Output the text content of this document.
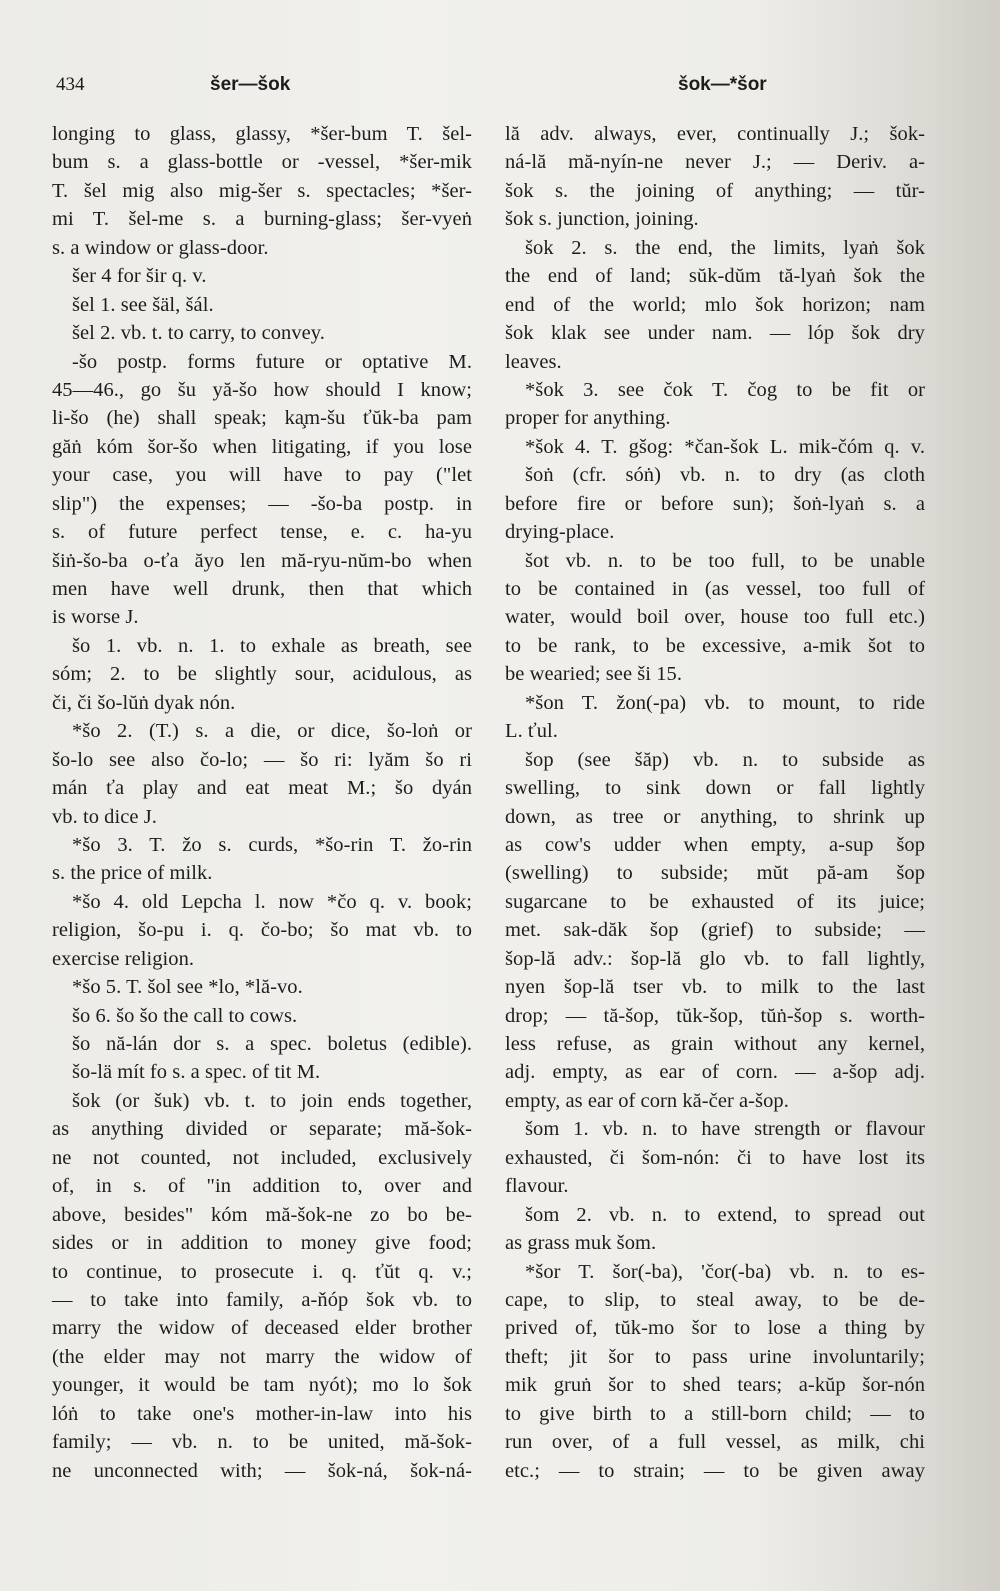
434	šer—šok	šok—*šor
longing to glass, glassy, *šer-bum T. šel-
bum s. a glass-bottle or -vessel, *šer-mik
T. šel mig also mig-šer s. spectacles; *šer-
mi T. šel-me s. a burning-glass; šer-vyeṅ
s. a window or glass-door.
šer 4 for šir q. v.
šel 1. see šäl, šál.
šel 2. vb. t. to carry, to convey.
-šo postp. forms future or optative M.
45—46., go šu yă-šo how should I know;
li-šo (he) shall speak; ka̧m-šu ťŭk-ba pam
găṅ kóm šor-šo when litigating, if you lose
your case, you will have to pay ("let
slip") the expenses; — -šo-ba postp. in
s. of future perfect tense, e. c. ha-yu
šiṅ-šo-ba o-ťa ăyo len mă-ryu-nŭm-bo when
men have well drunk, then that which
is worse J.
šo 1. vb. n. 1. to exhale as breath, see
sóm; 2. to be slightly sour, acidulous, as
či, či šo-lŭṅ dyak nón.
*šo 2. (T.) s. a die, or dice, šo-loṅ or
šo-lo see also čo-lo; — šo ri: lyăm šo ri
mán ťa play and eat meat M.; šo dyán
vb. to dice J.
*šo 3. T. žo s. curds, *šo-rin T. žo-rin
s. the price of milk.
*šo 4. old Lepcha l. now *čo q. v. book;
religion, šo-pu i. q. čo-bo; šo mat vb. to
exercise religion.
*šo 5. T. šol see *lo, *lă-vo.
šo 6. šo šo the call to cows.
šo nă-lán dor s. a spec. boletus (edible).
šo-lä mít fo s. a spec. of tit M.
šok (or šuk) vb. t. to join ends together,
as anything divided or separate; mă-šok-
ne not counted, not included, exclusively
of, in s. of "in addition to, over and
above, besides" kóm mă-šok-ne zo bo be-
sides or in addition to money give food;
to continue, to prosecute i. q. ťŭt q. v.;
— to take into family, a-ňóp šok vb. to
marry the widow of deceased elder brother
(the elder may not marry the widow of
younger, it would be tam nyót); mo lo šok
lóṅ to take one's mother-in-law into his
family; — vb. n. to be united, mă-šok-
ne unconnected with; — šok-ná, šok-ná-
lă adv. always, ever, continually J.; šok-
ná-lă mă-nyín-ne never J.; — Deriv. a-
šok s. the joining of anything; — tŭr-
šok s. junction, joining.
šok 2. s. the end, the limits, lyaṅ šok
the end of land; sŭk-dŭm tă-lyaṅ šok the
end of the world; mlo šok horizon; nam
šok klak see under nam. — lóp šok dry
leaves.
*šok 3. see čok T. čog to be fit or
proper for anything.
*šok 4. T. gšog: *čan-šok L. mik-čóm q. v.
šoṅ (cfr. sóṅ) vb. n. to dry (as cloth
before fire or before sun); šoṅ-lyaṅ s. a
drying-place.
šot vb. n. to be too full, to be unable
to be contained in (as vessel, too full of
water, would boil over, house too full etc.)
to be rank, to be excessive, a-mik šot to
be wearied; see ši 15.
*šon T. žon(-pa) vb. to mount, to ride
L. ťul.
šop (see šăp) vb. n. to subside as
swelling, to sink down or fall lightly
down, as tree or anything, to shrink up
as cow's udder when empty, a-sup šop
(swelling) to subside; mŭt pă-am šop
sugarcane to be exhausted of its juice;
met. sak-dăk šop (grief) to subside; —
šop-lă adv.: šop-lă glo vb. to fall lightly,
nyen šop-lă tser vb. to milk to the last
drop; — tă-šop, tŭk-šop, tŭṅ-šop s. worth-
less refuse, as grain without any kernel,
adj. empty, as ear of corn. — a-šop adj.
empty, as ear of corn kă-čer a-šop.
šom 1. vb. n. to have strength or flavour
exhausted, či šom-nón: či to have lost its
flavour.
šom 2. vb. n. to extend, to spread out
as grass muk šom.
*šor T. šor(-ba), 'čor(-ba) vb. n. to es-
cape, to slip, to steal away, to be de-
prived of, tŭk-mo šor to lose a thing by
theft; jit šor to pass urine involuntarily;
mik gruṅ šor to shed tears; a-kŭp šor-nón
to give birth to a still-born child; — to
run over, of a full vessel, as milk, chi
etc.; — to strain; — to be given away
